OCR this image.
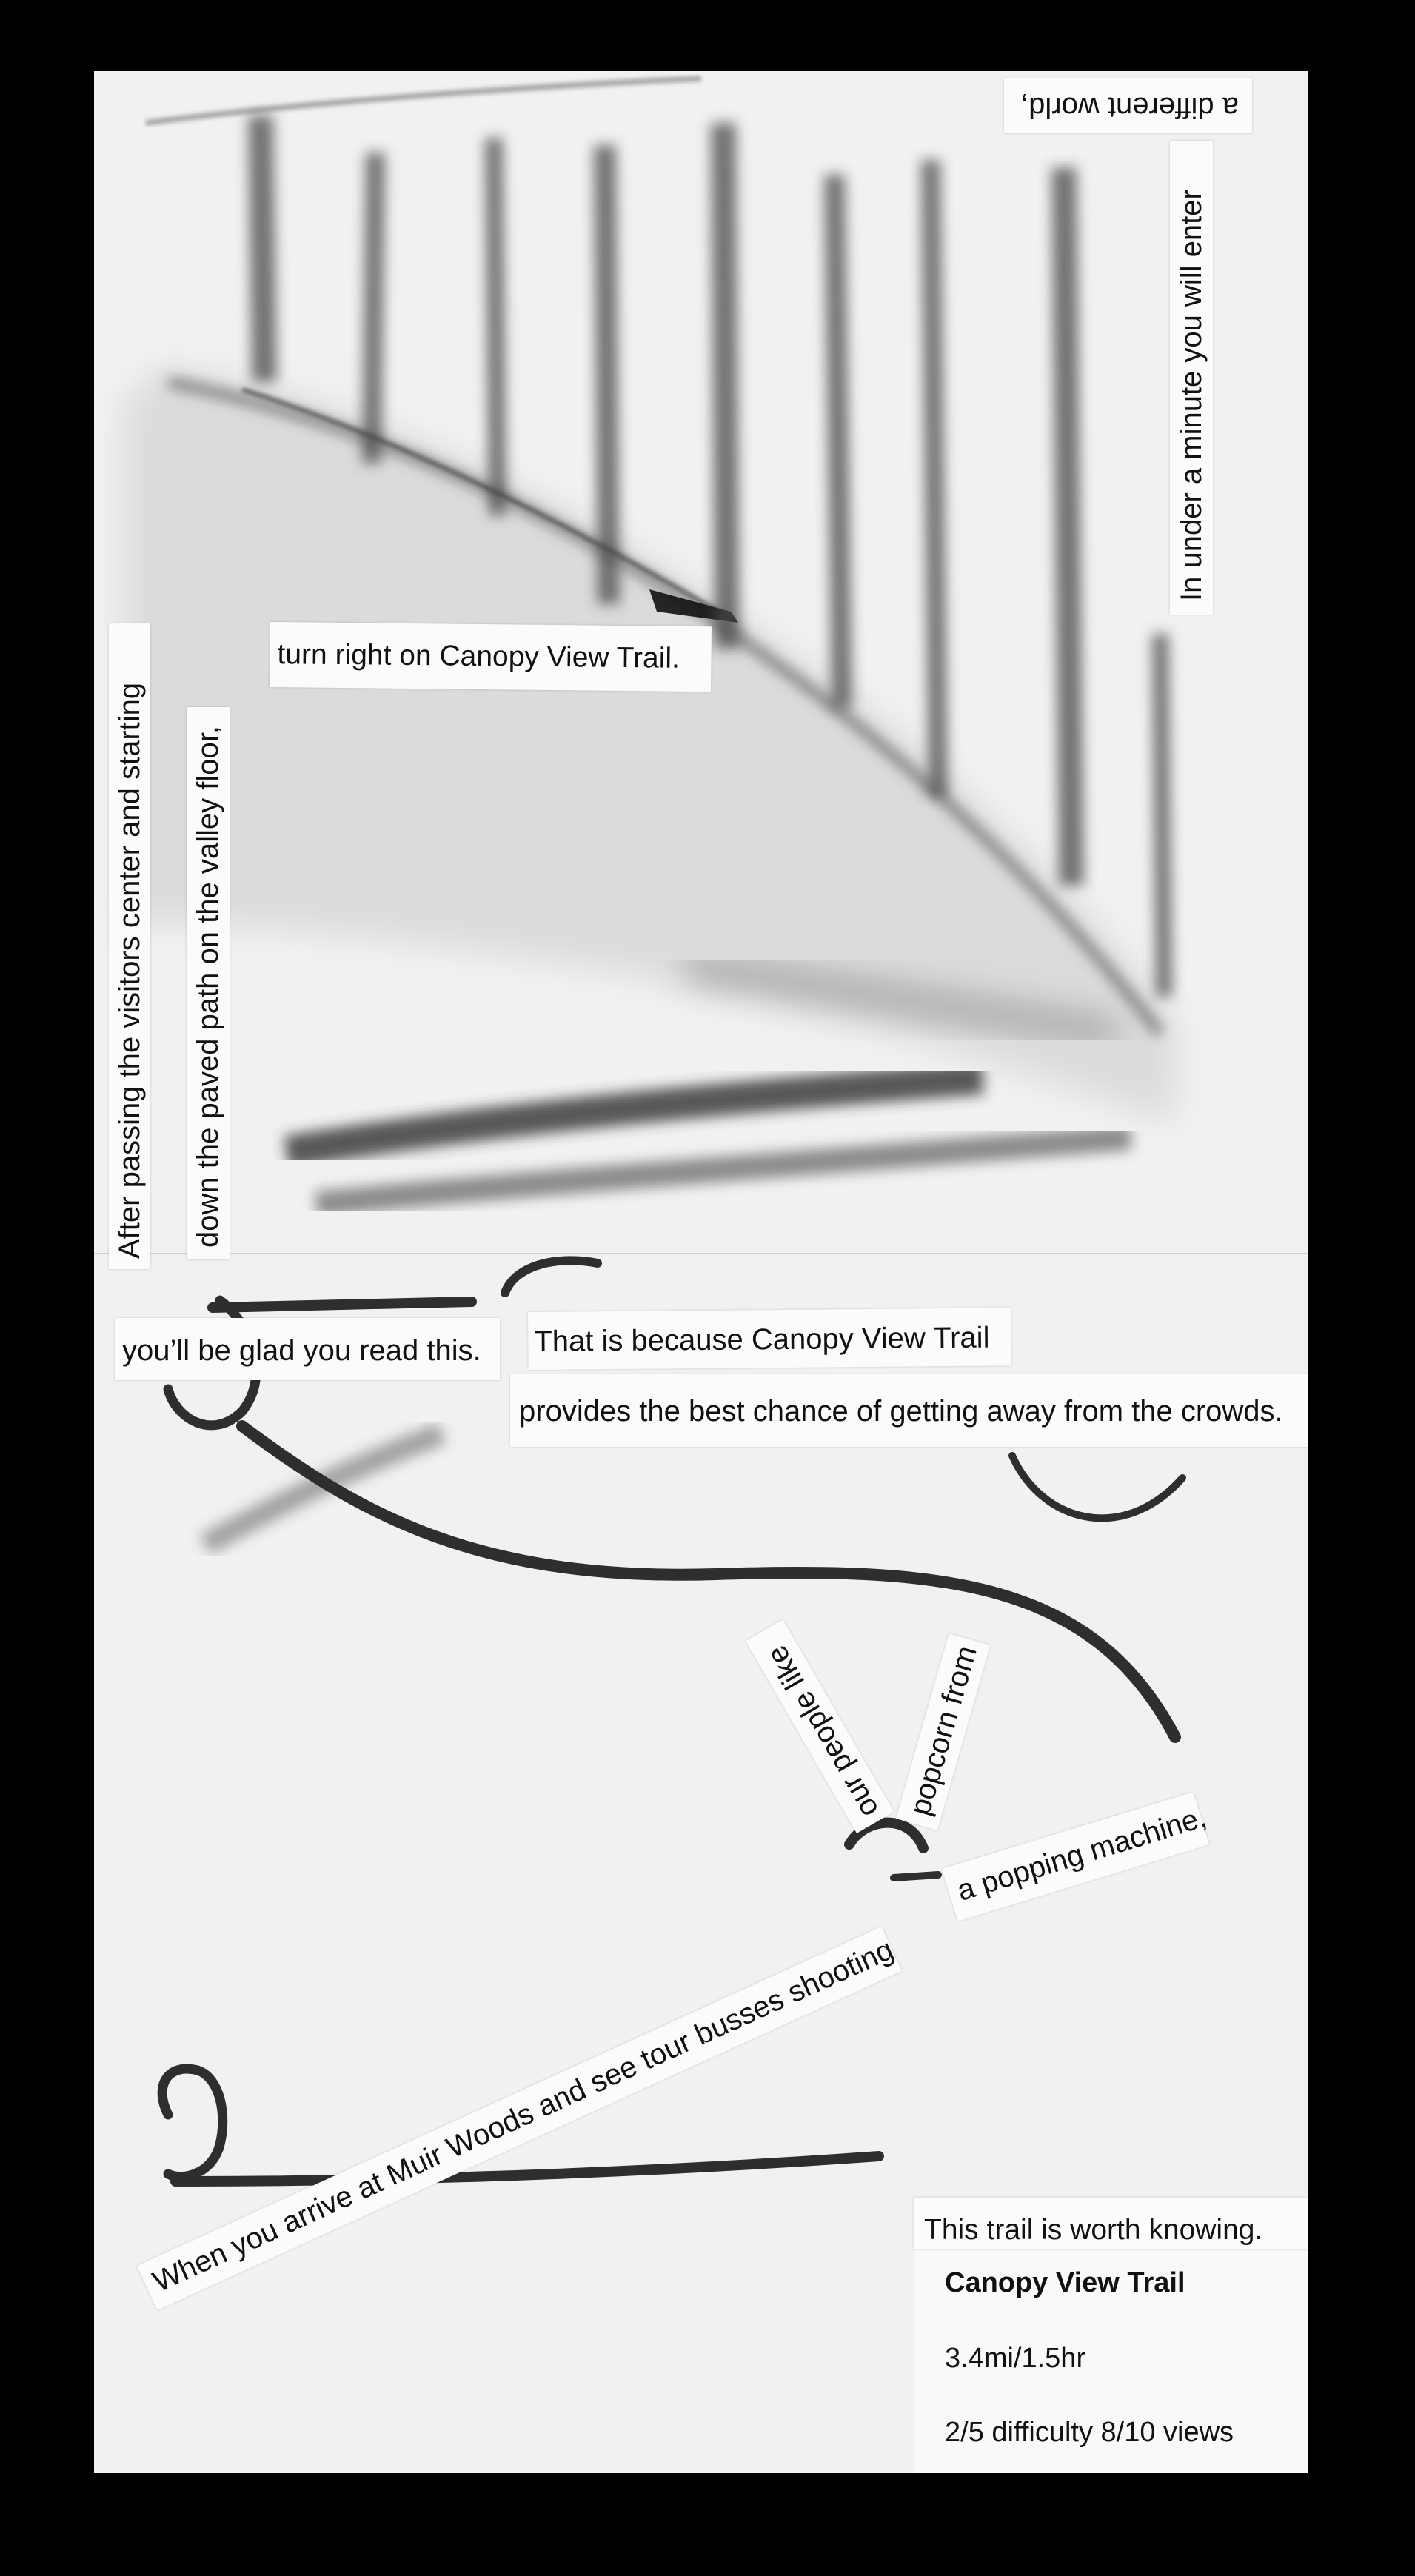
a different world,
In under a minute you will enter
After passing the visitors center and starting down the paved path on the valley floor,
turn right on Canopy View Trail.
you’ll be glad you read this.	That is because Canopy View Trail
provides the best chance of getting away from the crowds.
our people like popcorn from
a popping machine,
When you arrive at Muir Woods and see tour busses shooting This trail is worth knowing.
Canopy View Trail
3.4mi/1.5hr
2/5 difficulty 8/10 views
